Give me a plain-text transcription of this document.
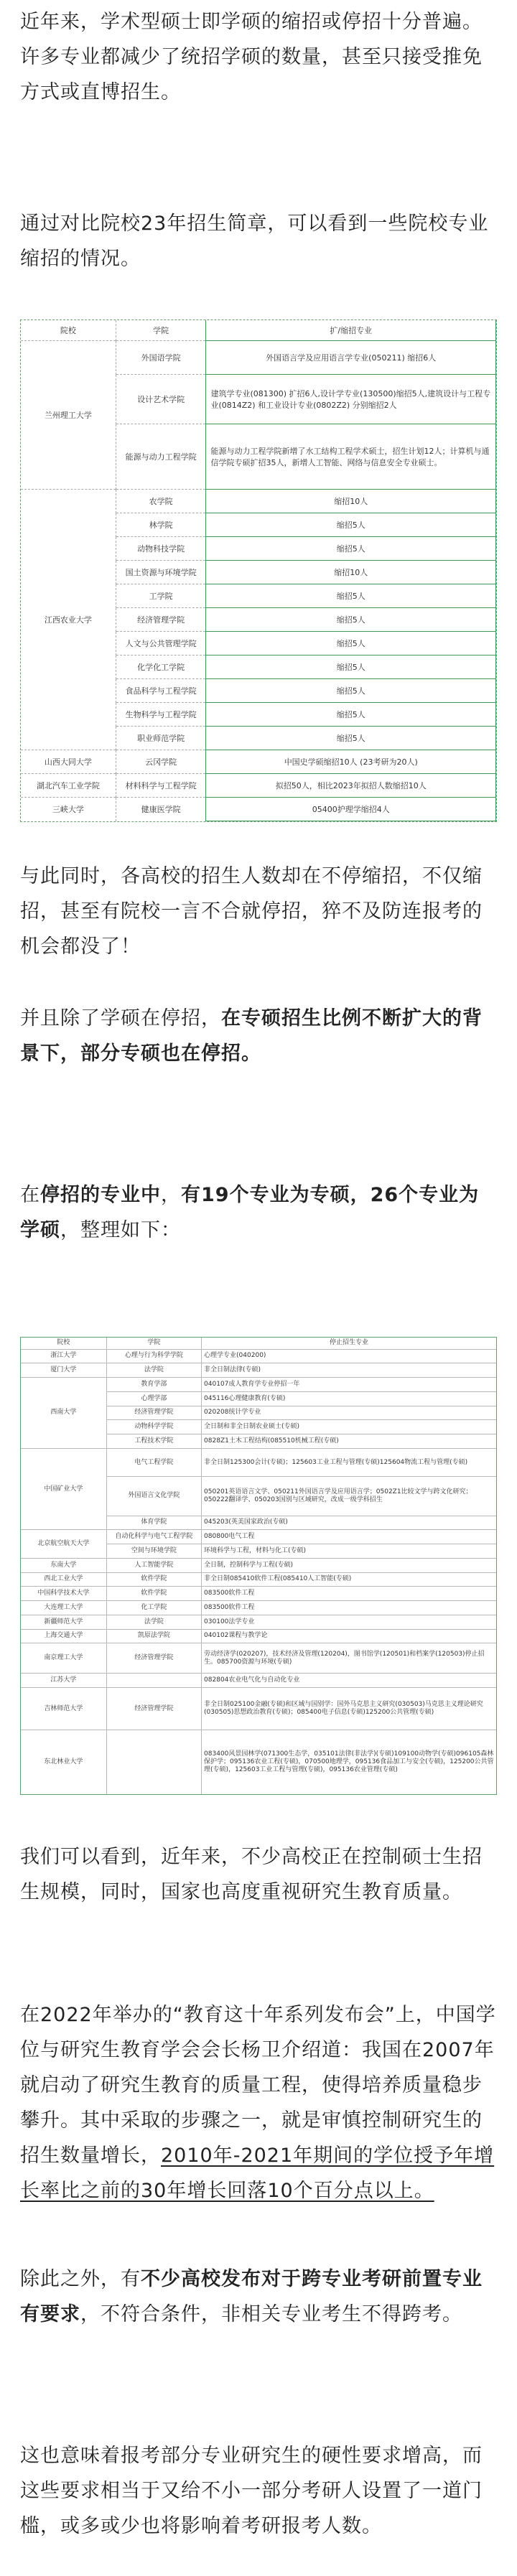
近年来，学术型硕士即学硕的缩招或停招十分普遍。许多专业都减少了统招学硕的数量，甚至只接受推免方式或直博招生。

通过对比院校23年招生简章，可以看到一些院校专业缩招的情况。

院校	学院	扩/缩招专业
兰州理工大学	外国语学院	外国语言学及应用语言学专业(050211) 缩招6人
	设计艺术学院	建筑学专业(081300) 扩招6人,设计学专业(130500)缩招5人,建筑设计与工程专业(0814Z2) 和工业设计专业(0802Z2) 分别缩招2人
	能源与动力工程学院	能源与动力工程学院新增了水工结构工程学术硕士，招生计划12人；计算机与通信学院专硕扩招35人，新增人工智能、网络与信息安全专业硕士。
江西农业大学	农学院	缩招10人
	林学院	缩招5人
	动物科技学院	缩招5人
	国土资源与环境学院	缩招10人
	工学院	缩招5人
	经济管理学院	缩招5人
	人文与公共管理学院	缩招5人
	化学化工学院	缩招5人
	食品科学与工程学院	缩招5人
	生物科学与工程学院	缩招5人
	职业师范学院	缩招5人
山西大同大学	云冈学院	中国史学硕缩招10人 (23考研为20人)
湖北汽车工业学院	材料科学与工程学院	拟招50人，相比2023年拟招人数缩招10人
三峡大学	健康医学院	05400护理学缩招4人

与此同时，各高校的招生人数却在不停缩招，不仅缩招，甚至有院校一言不合就停招，猝不及防连报考的机会都没了！

并且除了学硕在停招，在专硕招生比例不断扩大的背景下，部分专硕也在停招。

在停招的专业中，有19个专业为专硕，26个专业为学硕，整理如下：

院校	学院	停止招生专业
浙江大学	心理与行为科学学院	心理学专业(040200)
厦门大学	法学院	非全日制法律(专硕)
西南大学	教育学部	040107成人教育学专业停招一年
	心理学部	045116心理健康教育(专硕)
	经济管理学院	020208统计学专业
	动物科学学院	全日制和非全日制农业硕士(专硕)
	工程技术学院	0828Z1土木工程结构(085510机械工程(专硕)
中国矿业大学	电气工程学院	非全日制125300会计(专硕)；125603工业工程与管理(专硕)125604物流工程与管理(专硕)
	外国语言文化学院	050201英语语言文学、050211外国语言学及应用语言学；0502Z1比较文学与跨文化研究；050222翻译学、050203国别与区域研究，改成一级学科招生
	体育学院	045203(英美国家政治(专硕)
北京航空航天大学	自动化科学与电气工程学院	080800电气工程
	空间与环境学院	环境科学与工程，材料与化工(专硕)
东南大学	人工智能学院	全日制，控制科学与工程(专硕)
西北工业大学	软件学院	非全日制085410软件工程(085410人工智能(专硕)
中国科学技术大学	软件学院	083500软件工程
大连理工大学	化工学院	083500软件工程
新疆师范大学	法学院	030100法学专业
上海交通大学	凯原法学院	040102课程与教学论
南京理工大学	经济管理学院	劳动经济学(020207)，技术经济及管理(120204)，图书馆学(120501)和档案学(120503)停止招生。085700资源与环境(专硕)
江苏大学		082804农业电气化与自动化专业
吉林师范大学	经济管理学院	非全日制025100金融(专硕)和区域与国别学：国外马克思主义研究(030503)马克思主义理论研究(030505)思想政治教育(专硕)；085400电子信息(专硕)125200公共管理(专硕)
东北林业大学		083400风景园林学(071300生态学，035101法律(非法学)(专硕)109100动物学(专硕)096105森林保护学；095136农业工程(专硕)，070500地理学，095136食品加工与安全(专硕)，125200公共管理(专硕)，125603工业工程与管理(专硕)，095136农业管理(专硕)

我们可以看到，近年来，不少高校正在控制硕士生招生规模，同时，国家也高度重视研究生教育质量。

在2022年举办的“教育这十年系列发布会”上，中国学位与研究生教育学会会长杨卫介绍道：我国在2007年就启动了研究生教育的质量工程，使得培养质量稳步攀升。其中采取的步骤之一，就是审慎控制研究生的招生数量增长，2010年-2021年期间的学位授予年增长率比之前的30年增长回落10个百分点以上。

除此之外，有不少高校发布对于跨专业考研前置专业有要求，不符合条件，非相关专业考生不得跨考。

这也意味着报考部分专业研究生的硬性要求增高，而这些要求相当于又给不小一部分考研人设置了一道门槛，或多或少也将影响着考研报考人数。
